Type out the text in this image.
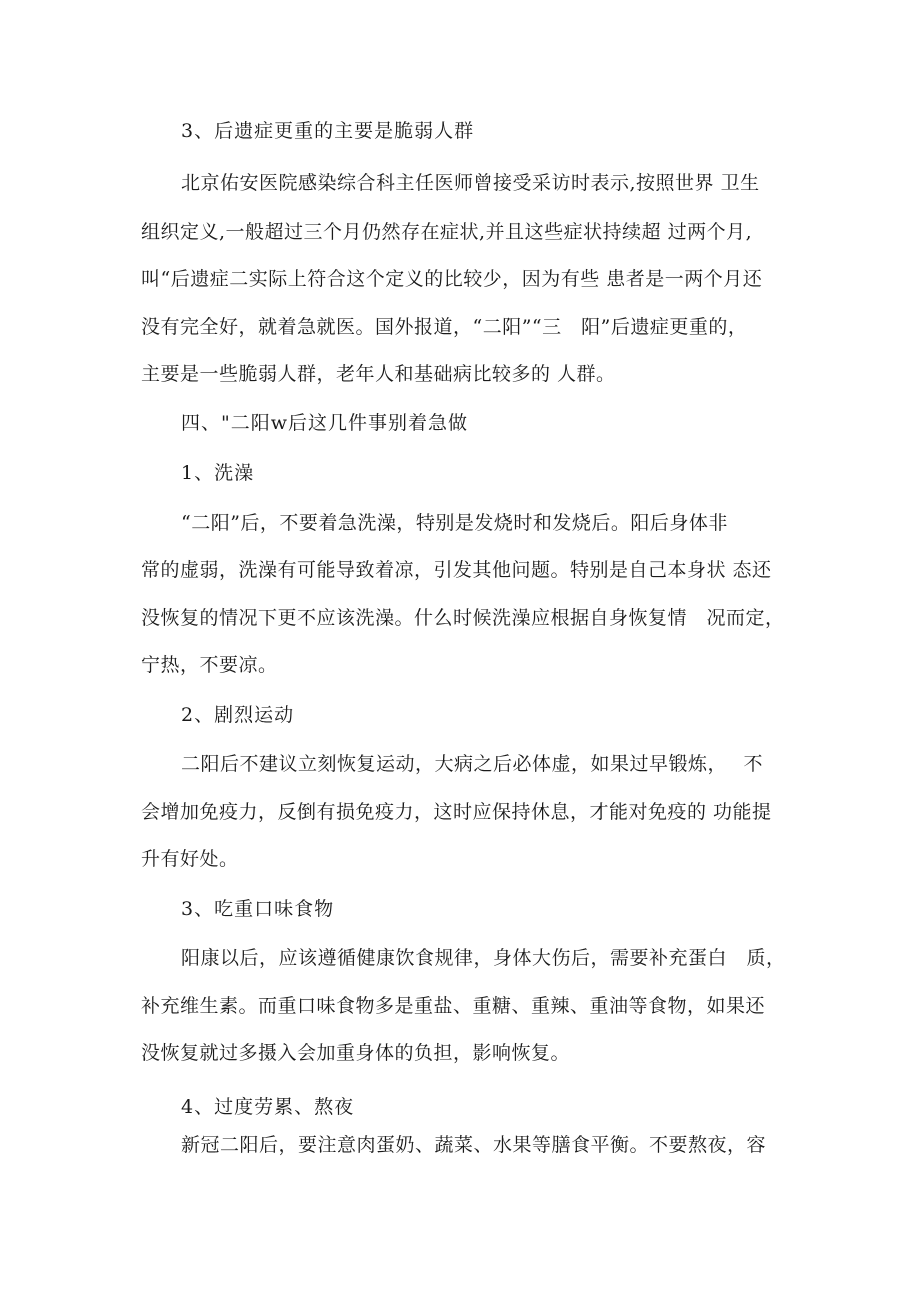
3、后遗症更重的主要是脆弱人群
北京佑安医院感染综合科主任医师曾接受采访时表示,按照世界 卫生
组织定义,一般超过三个月仍然存在症状,并且这些症状持续超 过两个月,
叫“后遗症二实际上符合这个定义的比较少，因为有些 患者是一两个月还
没有完全好，就着急就医。国外报道，“二阳”“三　阳”后遗症更重的，
主要是一些脆弱人群，老年人和基础病比较多的 人群。
四、"二阳w后这几件事别着急做
1、洗澡
“二阳”后，不要着急洗澡，特别是发烧时和发烧后。阳后身体非
常的虚弱，洗澡有可能导致着凉，引发其他问题。特别是自己本身状 态还
没恢复的情况下更不应该洗澡。什么时候洗澡应根据自身恢复情　况而定，
宁热，不要凉。
2、剧烈运动
二阳后不建议立刻恢复运动，大病之后必体虚，如果过早锻炼，　 不
会增加免疫力，反倒有损免疫力，这时应保持休息，才能对免疫的 功能提
升有好处。
3、吃重口味食物
阳康以后，应该遵循健康饮食规律，身体大伤后，需要补充蛋白　质，
补充维生素。而重口味食物多是重盐、重糖、重辣、重油等食物，如果还
没恢复就过多摄入会加重身体的负担，影响恢复。
4、过度劳累、熬夜
新冠二阳后，要注意肉蛋奶、蔬菜、水果等膳食平衡。不要熬夜，容
